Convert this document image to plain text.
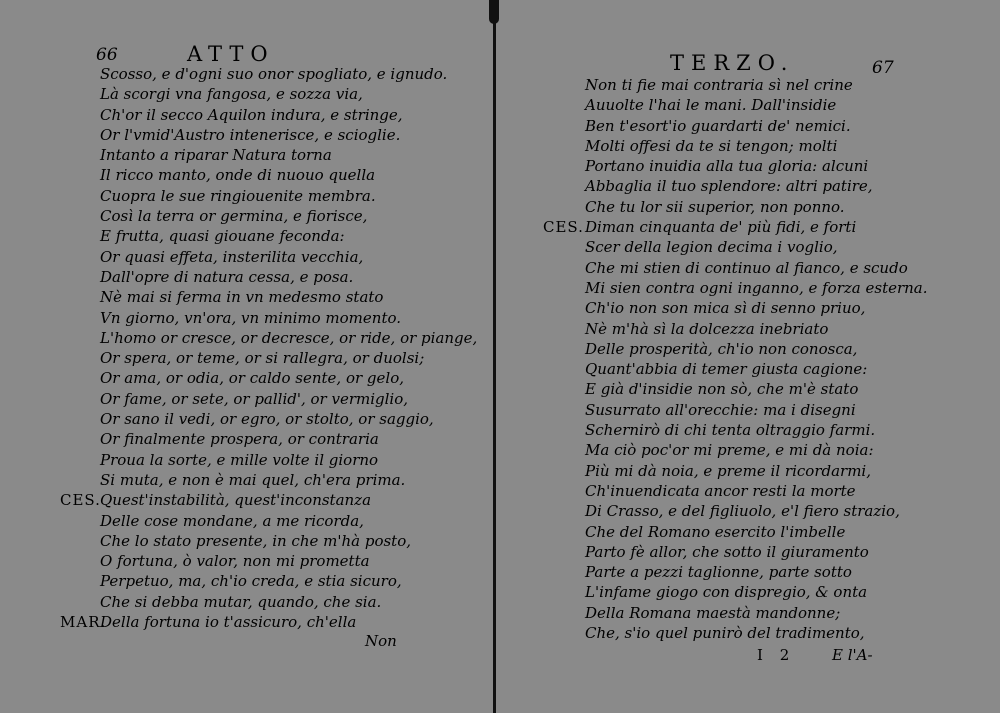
66	ATTO
Scosso, e d'ogni suo onor spogliato, e ignudo.
Là scorgi vna fangosa, e sozza via,
Ch'or il secco Aquilon indura, e stringe,
Or l'vmid'Austro intenerisce, e scioglie.
Intanto a riparar Natura torna
Il ricco manto, onde di nuouo quella
Cuopra le sue ringiouenite membra.
Così la terra or germina, e fiorisce,
E frutta, quasi giouane feconda:
Or quasi effeta, insterilita vecchia,
Dall'opre di natura cessa, e posa.
Nè mai si ferma in vn medesmo stato
Vn giorno, vn'ora, vn minimo momento.
L'homo or cresce, or decresce, or ride, or piange,
Or spera, or teme, or si rallegra, or duolsi;
Or ama, or odia, or caldo sente, or gelo,
Or fame, or sete, or pallid', or vermiglio,
Or sano il vedi, or egro, or stolto, or saggio,
Or finalmente prospera, or contraria
Proua la sorte, e mille volte il giorno
Si muta, e non è mai quel, ch'era prima.
CES. Quest'instabilità, quest'inconstanza
Delle cose mondane, a me ricorda,
Che lo stato presente, in che m'hà posto,
O fortuna, ò valor, non mi prometta
Perpetuo, ma, ch'io creda, e stia sicuro,
Che si debba mutar, quando, che sia.
MAR.
Della fortuna io t'assicuro, ch'ella
Non
TERZO.	67
Non ti fie mai contraria sì nel crine
Auuolte l'hai le mani. Dall'insidie
Ben t'esort'io guardarti de' nemici.
Molti offesi da te si tengon; molti
Portano inuidia alla tua gloria: alcuni
Abbaglia il tuo splendore: altri patire,
Che tu lor sii superior, non ponno.
CES. Diman cinquanta de' più fidi, e forti
Scer della legion decima i voglio,
Che mi stien di continuo al fianco, e scudo
Mi sien contra ogni inganno, e forza esterna.
Ch'io non son mica sì di senno priuo,
Nè m'hà sì la dolcezza inebriato
Delle prosperità, ch'io non conosca,
Quant'abbia di temer giusta cagione:
E già d'insidie non sò, che m'è stato
Susurrato all'orecchie: ma i disegni
Schernirò di chi tenta oltraggio farmi.
Ma ciò poc'or mi preme, e mi dà noia:
Più mi dà noia, e preme il ricordarmi,
Ch'inuendicata ancor resti la morte
Di Crasso, e del figliuolo, e'l fiero strazio,
Che del Romano esercito l'imbelle
Parto fè allor, che sotto il giuramento
Parte a pezzi taglionne, parte sotto
L'infame giogo con dispregio, & onta
Della Romana maestà mandonne;
Che, s'io quel punirò del tradimento,
I 2 E l'A-
